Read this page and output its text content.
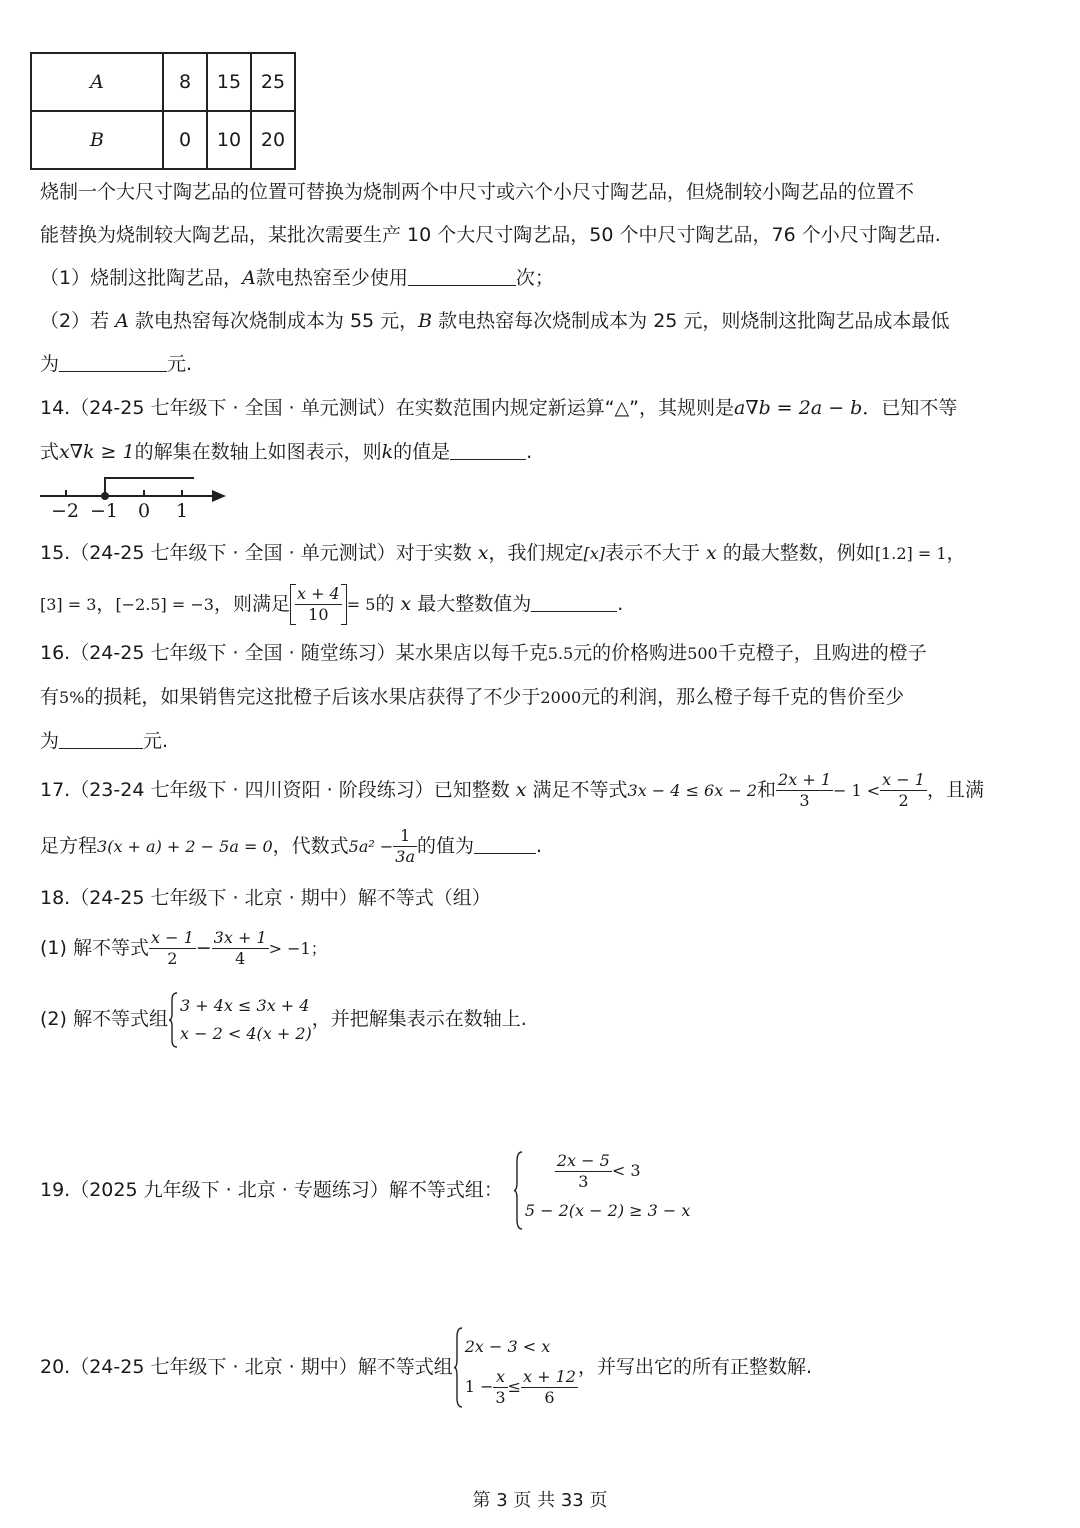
A	8	15	25
B	0	10	20
烧制一个大尺寸陶艺品的位置可替换为烧制两个中尺寸或六个小尺寸陶艺品，但烧制较小陶艺品的位置不
能替换为烧制较大陶艺品，某批次需要生产 10 个大尺寸陶艺品，50 个中尺寸陶艺品，76 个小尺寸陶艺品.
（1）烧制这批陶艺品，A款电热窑至少使用	次；
（2）若 A 款电热窑每次烧制成本为 55 元，B 款电热窑每次烧制成本为 25 元，则烧制这批陶艺品成本最低
为	元.
14.（24-25 七年级下 · 全国 · 单元测试）在实数范围内规定新运算“△”，其规则是a∇b = 2a − b．已知不等
式x∇k ≥ 1的解集在数轴上如图表示，则k的值是	.
−2 −1 0 1
15.（24-25 七年级下 · 全国 · 单元测试）对于实数 x，我们规定[x]表示不大于 x 的最大整数，例如[1.2] = 1，
[3] = 3，[−2.5] = −3，则满足 $\frac{x + 4}{10} = 5$的 x 最大整数值为	.
16.（24-25 七年级下 · 全国 · 随堂练习）某水果店以每千克5.5元的价格购进500千克橙子，且购进的橙子
有5%的损耗，如果销售完这批橙子后该水果店获得了不少于2000元的利润，那么橙子每千克的售价至少
为	元.
17.（23-24 七年级下 · 四川资阳 · 阶段练习）已知整数 x 满足不等式3x − 4 ≤ 6x − 2和 $\frac{2x + 1}{3} - 1 < \frac{x - 1}{2}$ ，且满
足方程3(x + a) + 2 − 5a = 0，代数式$5a^2 - \frac{1}{3a}$ 的值为	.
18.（24-25 七年级下 · 北京 · 期中）解不等式（组）
(1) 解不等式 $\frac{x - 1}{2} - \frac{3x + 1}{4} > -1$；
(2) 解不等式组
3 + 4x ≤ 3x + 4
x − 2 < 4(x + 2)
，并把解集表示在数轴上.
19.（2025 九年级下 · 北京 · 专题练习）解不等式组：	$\frac{2x - 5}{3} < 3$
5 − 2(x − 2) ≥ 3 − x
20.（24-25 七年级下 · 北京 · 期中）解不等式组
2x − 3 < x
$1 - \frac{x}{3} \le \frac{x + 12}{6}$ ，并写出它的所有正整数解.
第 3 页 共 33 页
